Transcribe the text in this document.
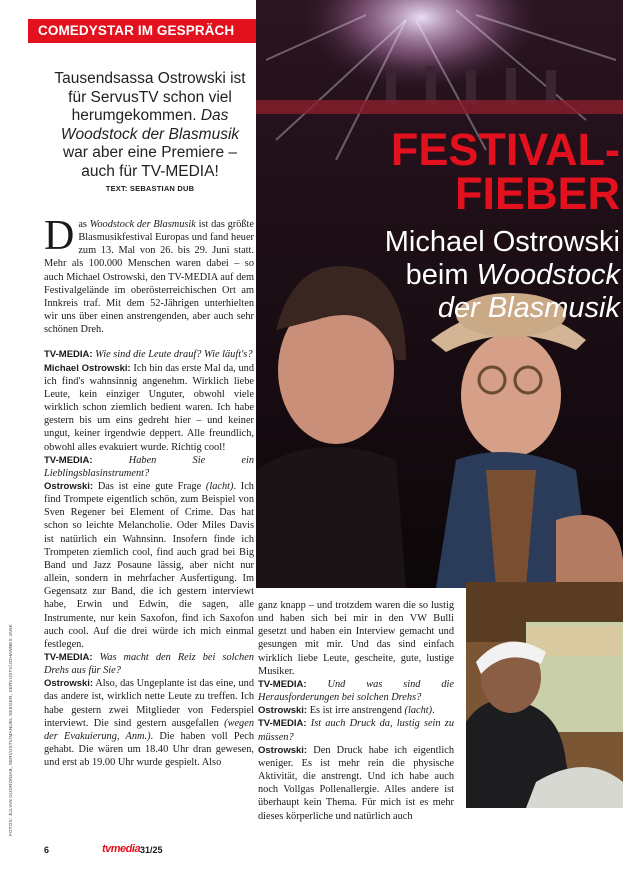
COMEDYSTAR IM GESPRÄCH
FESTIVAL-
FIEBER
Michael Ostrowski
beim Woodstock
der Blasmusik
Tausendsassa Ostrowski ist für ServusTV schon viel herumgekommen. Das Woodstock der Blasmusik war aber eine Premiere – auch für TV-MEDIA!
TEXT: SEBASTIAN DUB

Das Woodstock der Blasmusik ist das größte Blasmusikfestival Europas und fand heuer zum 13. Mal von 26. bis 29. Juni statt. Mehr als 100.000 Menschen waren dabei – so auch Michael Ostrowski, den TV-MEDIA auf dem Festivalgelände im oberösterreichischen Ort am Innkreis traf. Mit dem 52-Jährigen unterhielten wir uns über einen anstrengenden, aber auch sehr schönen Dreh.

TV-MEDIA: Wie sind die Leute drauf? Wie läuft's?

Michael Ostrowski: Ich bin das erste Mal da, und ich find's wahnsinnig angenehm. Wirklich liebe Leute, kein einziger Unguter, obwohl viele wirklich schon ziemlich bedient waren. Ich habe gestern bis um eins gedreht hier – und keiner ungut, keiner irgendwie deppert. Alle freundlich, obwohl alles evakuiert wurde. Richtig cool!

TV-MEDIA: Haben Sie ein Lieblingsblasinstrument?

Ostrowski: Das ist eine gute Frage (lacht). Ich find Trompete eigentlich schön, zum Beispiel von Sven Regener bei Element of Crime. Das hat schon so leichte Melancholie. Oder Miles Davis ist natürlich ein Wahnsinn. Insofern finde ich Trompeten ziemlich cool, find auch grad bei Big Band und Jazz Posaune lässig, aber nicht nur allein, sondern in mehrfacher Ausfertigung. Im Gegensatz zur Band, die ich gestern interviewt habe, Erwin und Edwin, die sagen, alle Instrumente, nur kein Saxofon, find ich Saxofon auch cool. Auf die drei würde ich mich einmal festlegen.

TV-MEDIA: Was macht den Reiz bei solchen Drehs aus für Sie?

Ostrowski: Also, das Ungeplante ist das eine, und das andere ist, wirklich nette Leute zu treffen. Ich habe gestern zwei Mitglieder von Federspiel interviewt. Die sind gestern ausgefallen (wegen der Evakuierung, Anm.). Die haben voll Pech gehabt. Die wären um 18.40 Uhr dran gewesen, und erst ab 19.00 Uhr wurde gespielt. Also

ganz knapp – und trotzdem waren die so lustig und haben sich bei mir in den VW Bulli gesetzt und haben ein Interview gemacht und gesungen mit mir. Und das sind einfach wirklich liebe Leute, gescheite, gute, lustige Musiker.

TV-MEDIA: Und was sind die Herausforderungen bei solchen Drehs?

Ostrowski: Es ist irre anstrengend (lacht).

TV-MEDIA: Ist auch Druck da, lustig sein zu müssen?

Ostrowski: Den Druck habe ich eigentlich weniger. Es ist mehr rein die physische Aktivität, die anstrengt. Und ich habe auch noch Vollgas Pollenallergie. Alles andere ist überhaupt kein Thema. Für mich ist es mehr dieses körperliche und natürlich auch

FOTOS: JULIAN GUDRONIAB, SERVUSTV/MANUEL SEEGER, SERVUSTV/JOHANNES JANK
6	tvmedia 31/25
